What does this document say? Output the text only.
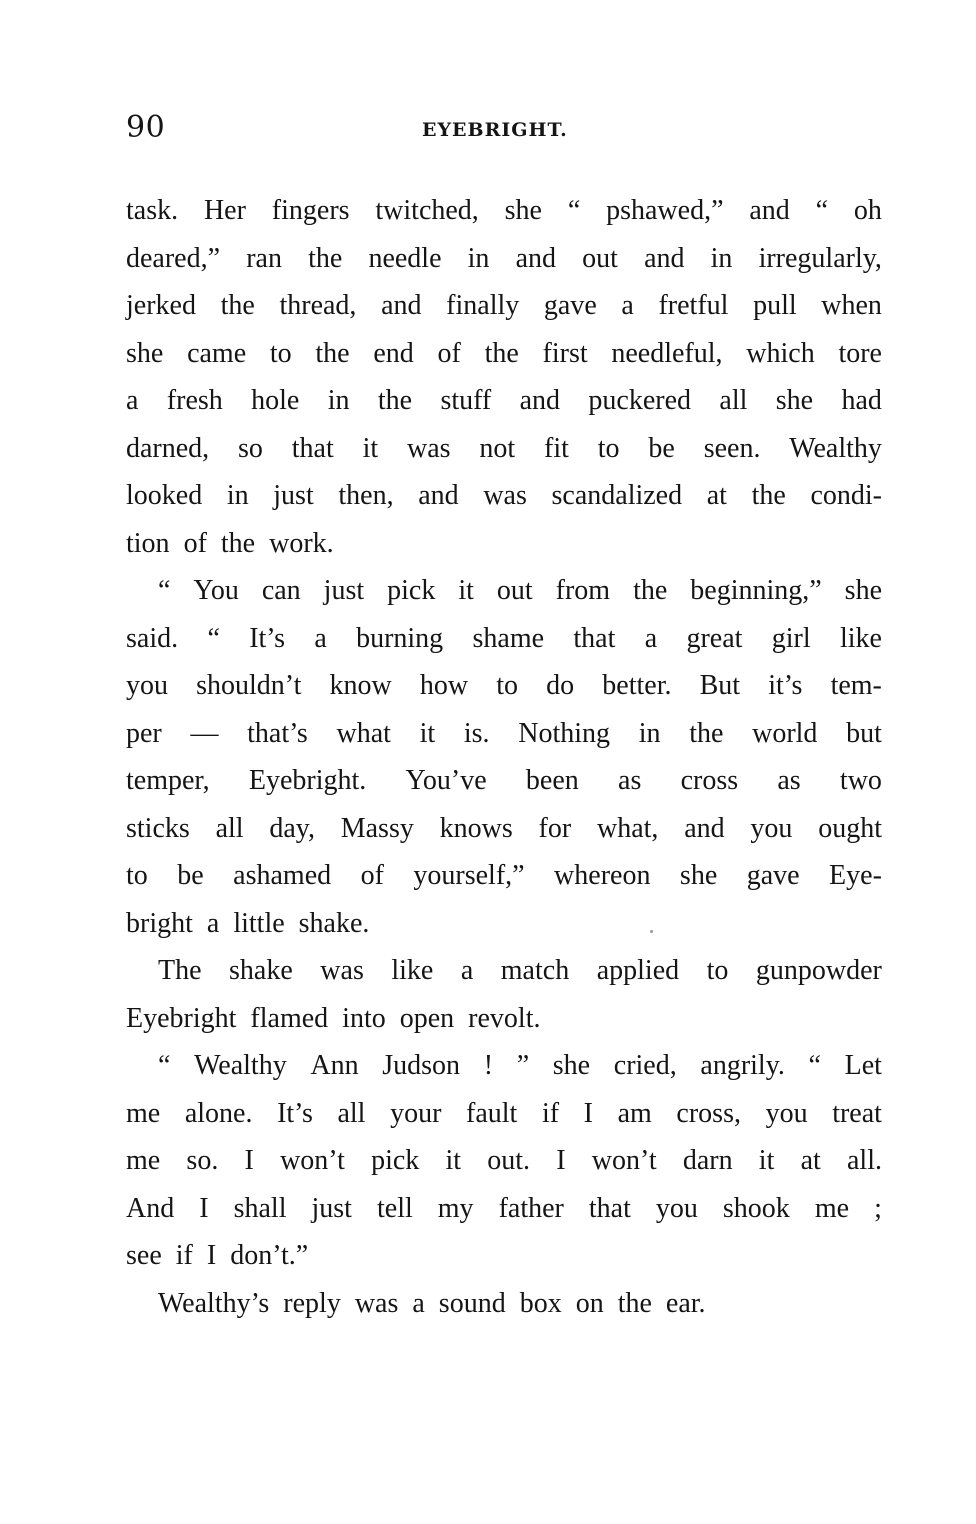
90	EYEBRIGHT.
task. Her fingers twitched, she “ pshawed,” and “ oh
deared,” ran the needle in and out and in irregularly,
jerked the thread, and finally gave a fretful pull when
she came to the end of the first needleful, which tore
a fresh hole in the stuff and puckered all she had
darned, so that it was not fit to be seen. Wealthy
looked in just then, and was scandalized at the condi-
tion of the work.
“ You can just pick it out from the beginning,” she
said. “ It’s a burning shame that a great girl like
you shouldn’t know how to do better. But it’s tem-
per — that’s what it is. Nothing in the world but
temper, Eyebright. You’ve been as cross as two
sticks all day, Massy knows for what, and you ought
to be ashamed of yourself,” whereon she gave Eye-
bright a little shake.
The shake was like a match applied to gunpowder
Eyebright flamed into open revolt.
“ Wealthy Ann Judson ! ” she cried, angrily. “ Let
me alone. It’s all your fault if I am cross, you treat
me so. I won’t pick it out. I won’t darn it at all.
And I shall just tell my father that you shook me ;
see if I don’t.”
Wealthy’s reply was a sound box on the ear.
